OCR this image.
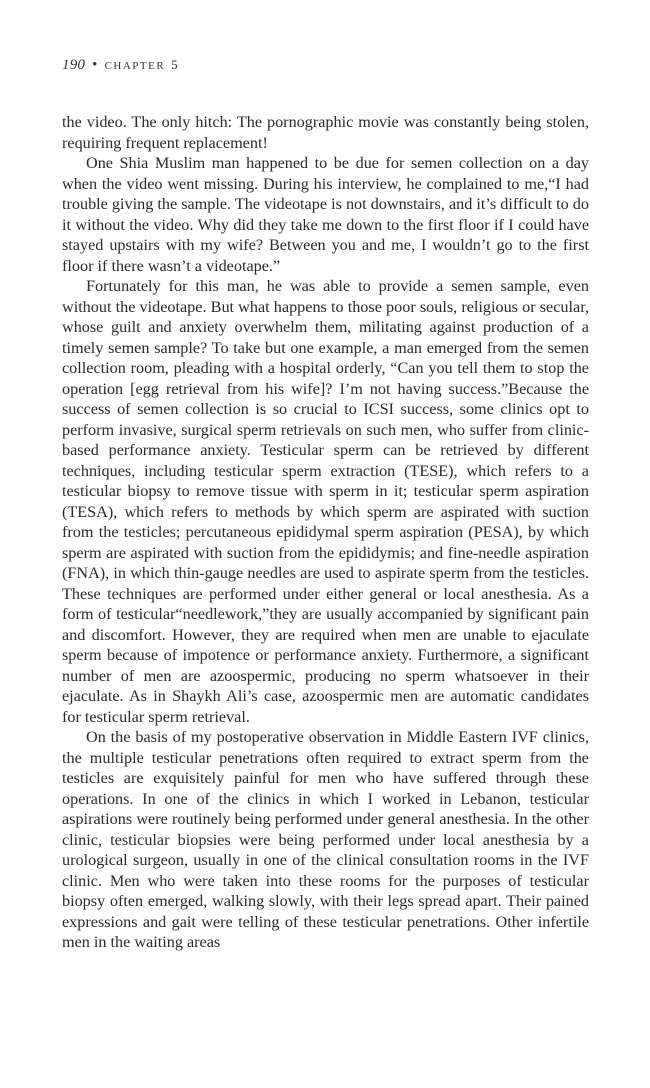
190 • CHAPTER 5

the video. The only hitch: The pornographic movie was constantly being stolen, requiring frequent replacement!

One Shia Muslim man happened to be due for semen collection on a day when the video went missing. During his interview, he complained to me,“I had trouble giving the sample. The videotape is not downstairs, and it’s difficult to do it without the video. Why did they take me down to the first floor if I could have stayed upstairs with my wife? Between you and me, I wouldn’t go to the first floor if there wasn’t a videotape.”

Fortunately for this man, he was able to provide a semen sample, even without the videotape. But what happens to those poor souls, religious or secular, whose guilt and anxiety overwhelm them, militating against production of a timely semen sample? To take but one example, a man emerged from the semen collection room, pleading with a hospital orderly, “Can you tell them to stop the operation [egg retrieval from his wife]? I’m not having success.”Because the success of semen collection is so crucial to ICSI success, some clinics opt to perform invasive, surgical sperm retrievals on such men, who suffer from clinic-based performance anxiety. Testicular sperm can be retrieved by different techniques, including testicular sperm extraction (TESE), which refers to a testicular biopsy to remove tissue with sperm in it; testicular sperm aspiration (TESA), which refers to methods by which sperm are aspirated with suction from the testicles; percutaneous epididymal sperm aspiration (PESA), by which sperm are aspirated with suction from the epididymis; and fine-needle aspiration (FNA), in which thin-gauge needles are used to aspirate sperm from the testicles. These techniques are performed under either general or local anesthesia. As a form of testicular“needlework,”they are usually accompanied by significant pain and discomfort. However, they are required when men are unable to ejaculate sperm because of impotence or performance anxiety. Furthermore, a significant number of men are azoospermic, producing no sperm whatsoever in their ejaculate. As in Shaykh Ali’s case, azoospermic men are automatic candidates for testicular sperm retrieval.

On the basis of my postoperative observation in Middle Eastern IVF clinics, the multiple testicular penetrations often required to extract sperm from the testicles are exquisitely painful for men who have suffered through these operations. In one of the clinics in which I worked in Lebanon, testicular aspirations were routinely being performed under general anesthesia. In the other clinic, testicular biopsies were being performed under local anesthesia by a urological surgeon, usually in one of the clinical consultation rooms in the IVF clinic. Men who were taken into these rooms for the purposes of testicular biopsy often emerged, walking slowly, with their legs spread apart. Their pained expressions and gait were telling of these testicular penetrations. Other infertile men in the waiting areas
